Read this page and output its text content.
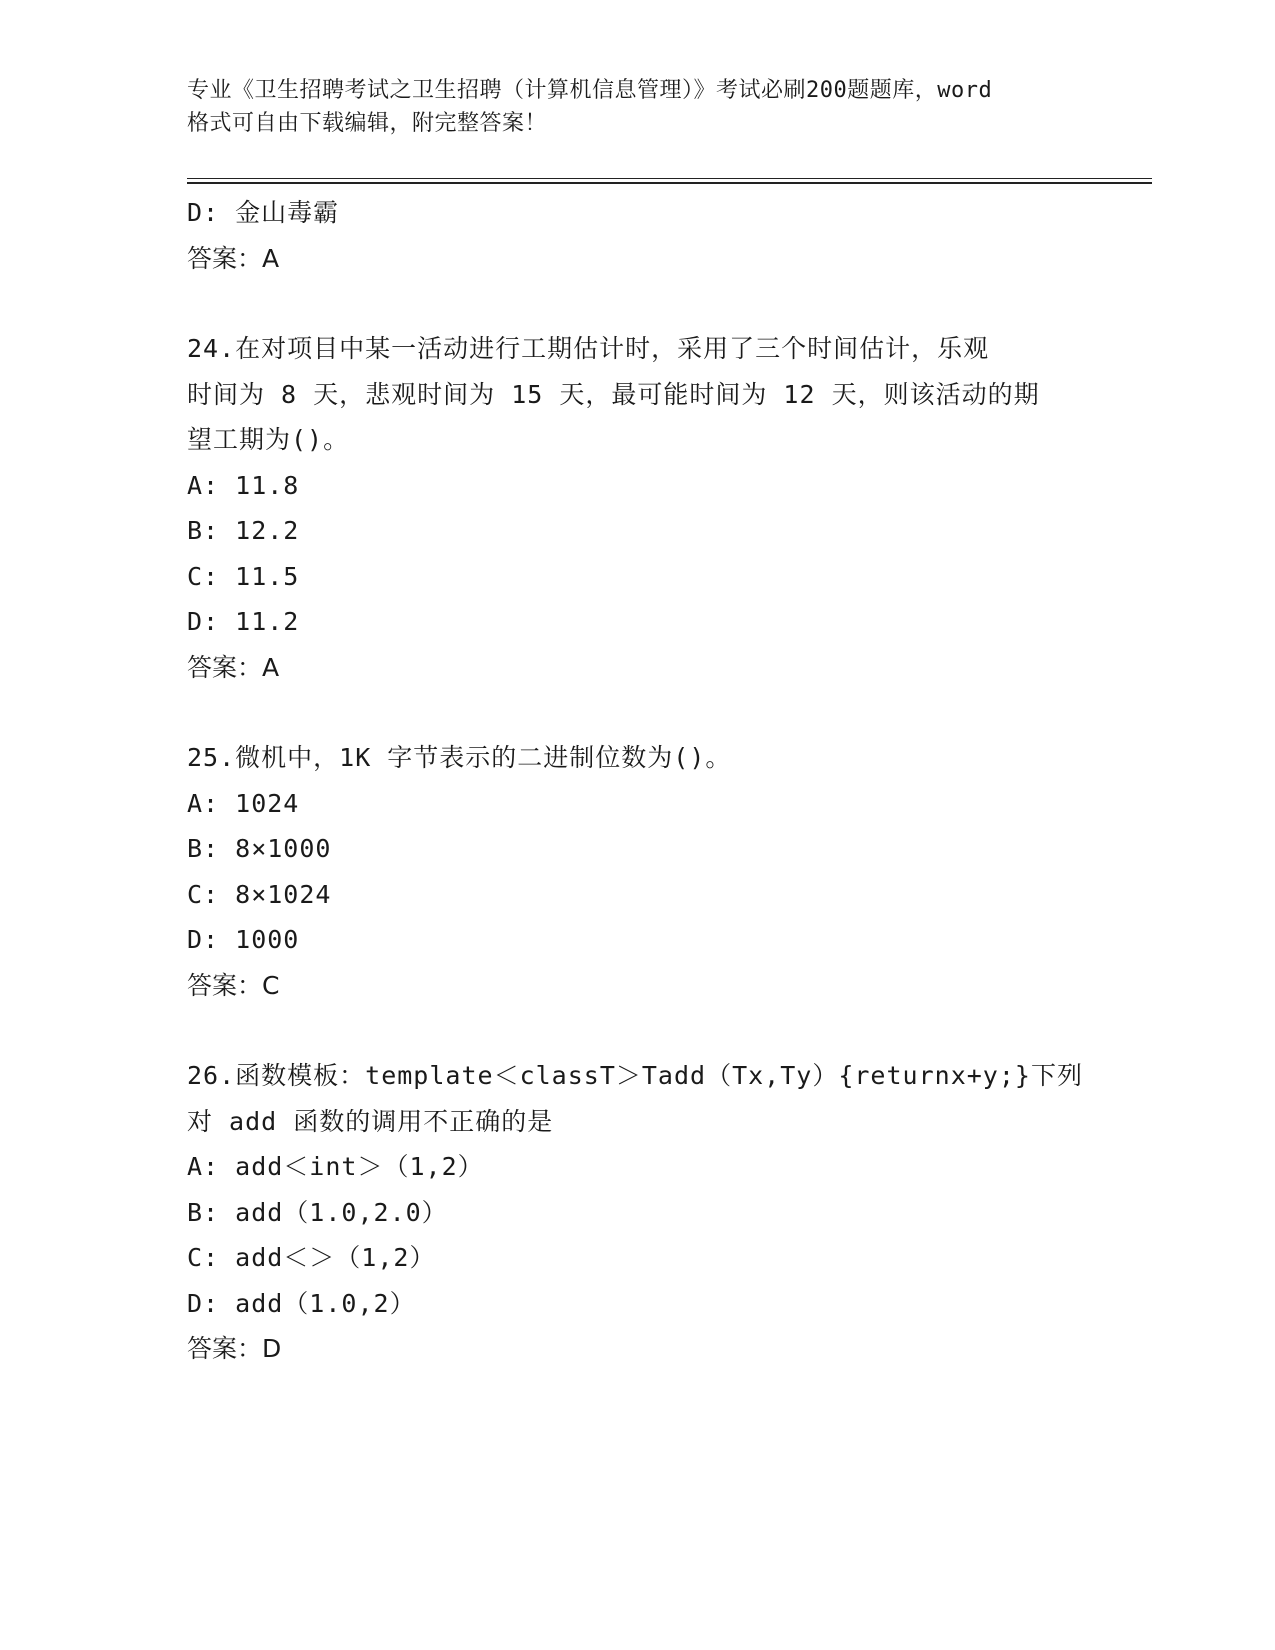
专业《卫生招聘考试之卫生招聘（计算机信息管理）》考试必刷200题题库，word
格式可自由下载编辑，附完整答案！
D: 金山毒霸
答案：A
24.在对项目中某一活动进行工期估计时，采用了三个时间估计，乐观
时间为 8 天，悲观时间为 15 天，最可能时间为 12 天，则该活动的期
望工期为()。
A: 11.8
B: 12.2
C: 11.5
D: 11.2
答案：A
25.微机中，1K 字节表示的二进制位数为()。
A: 1024
B: 8×1000
C: 8×1024
D: 1000
答案：C
26.函数模板：template＜classT＞Tadd（Tx,Ty）{returnx+y;}下列
对 add 函数的调用不正确的是
A: add＜int＞（1,2）
B: add（1.0,2.0）
C: add＜＞（1,2）
D: add（1.0,2）
答案：D
